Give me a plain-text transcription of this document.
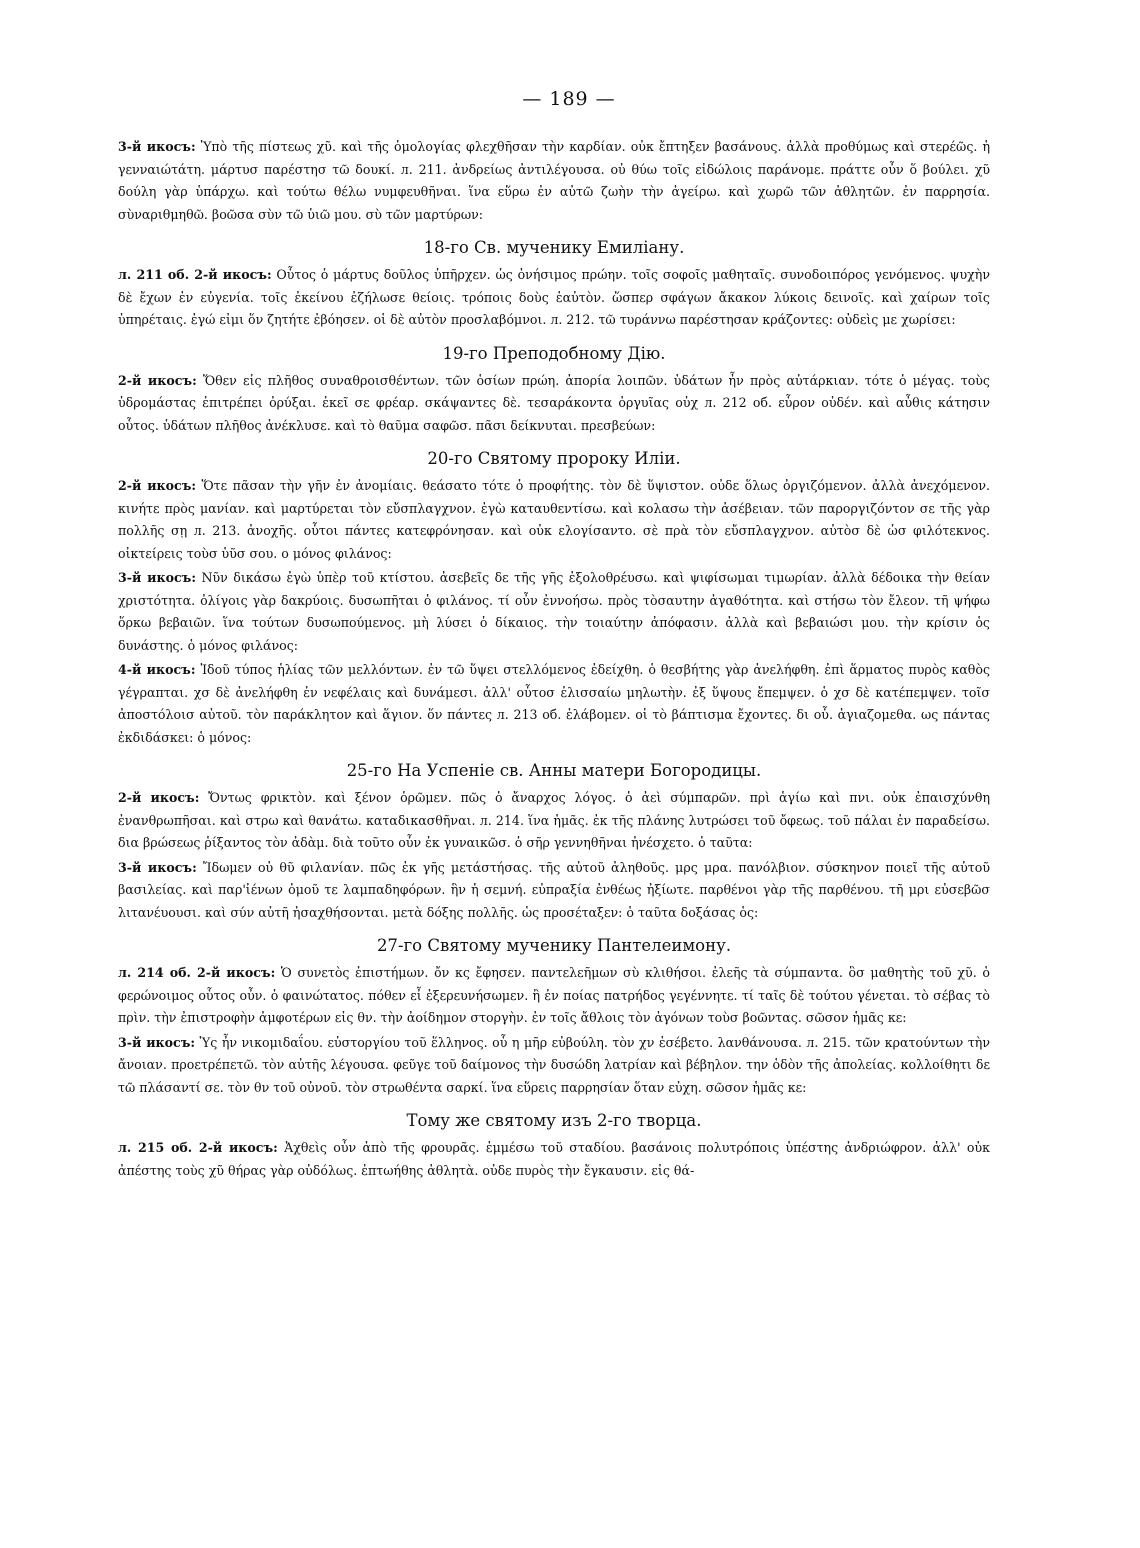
— 189 —

3-й икосъ: Ὑπὸ τῆς πίστεως χῦ. καὶ τῆς ὁμολογίας φλεχθῆσαν τὴν καρδίαν. οὐκ ἔπτηξεν βασάνους. ἀλλὰ προθύμως καὶ στερέῶς. ἡ γενναιώτάτη. μάρτυσ παρέστησ τῶ δουκί. л. 211. ἀνδρείως ἀντιλέγουσα. οὐ θύω τοῖς εἰδώλοις παράνομε. πράττε οὖν ὅ βούλει. χῦ δούλη γὰρ ὑπάρχω. καὶ τούτω θέλω νυμφευθῆναι. ἵνα εὕρω ἐν αὐτῶ ζωὴν τὴν ἀγείρω. καὶ χωρῶ τῶν ἀθλητῶν. ἐν παρρησία. σὺναριθμηθῶ. βοῶσα σὺν τῶ ὑιῶ μου. σὺ τῶν μαρτύρων:

18-го Св. мученику Емиліану.

л. 211 об. 2-й икосъ: Οὗτος ὁ μάρτυς δοῦλος ὑπῆρχεν. ὡς ὀνήσιμος πρώην. τοῖς σοφοῖς μαθηταῖς. συνοδοιπόρος γενόμενος. ψυχὴν δὲ ἔχων ἐν εὐγενία. τοῖς ἐκείνου ἐζήλωσε θείοις. τρόποις δοὺς ἑαὐτὸν. ὥσπερ σφάγων ἄκακον λύκοις δεινοῖς. καὶ χαίρων τοῖς ὑπηρέταις. ἐγώ εἰμι ὅν ζητήτε ἐβόησεν. οἱ δὲ αὐτὸν προσλαβόμνοι. л. 212. τῶ τυράννω παρέστησαν κράζοντες: οὐδεὶς με χωρίσει:

19-го Преподобному Дію.

2-й икосъ: Ὅθεν εἰς πλῆθος συναθροισθέντων. τῶν ὁσίων πρώη. ἀπορία λοιπῶν. ὑδάτων ἦν πρὸς αὐτάρκιαν. τότε ὁ μέγας. τοὺς ὑδρομάστας ἐπιτρέπει ὀρύξαι. ἐκεῖ σε φρέαρ. σκάψαντες δὲ. τεσαράκοντα ὀργυῖας οὐχ л. 212 об. εὗρον οὐδέν. καὶ αὖθις κάτησιν οὗτος. ὑδάτων πλῆθος ἀνέκλυσε. καὶ τὸ θαῦμα σαφῶσ. πᾶσι δείκνυται. πρεσβεύων:

20-го Святому пророку Илiи.

2-й икосъ: Ὅτε πᾶσαν τὴν γῆν ἐν ἀνομίαις. θεάσατο τότε ὁ προφήτης. τὸν δὲ ὕψιστον. οὐδε ὅλως ὀργιζόμενον. ἀλλὰ ἀνεχόμενον. κινήτε πρὸς μανίαν. καὶ μαρτύρεται τὸν εὔσπλαγχνον. ἐγὼ καταυθεντίσω. καὶ κολασω τὴν ἀσέβειαν. τῶν παροργιζόντον σε τῆς γὰρ πολλῆς σῃ л. 213. ἀνοχῆς. οὗτοι πάντες κατεφρόνησαν. καὶ οὐκ ελογίσαντο. σὲ πρὰ τὸν εὔσπλαγχνον. αὐτὸσ δὲ ὡσ φιλότεκνος. οἰκτείρεις τοὺσ ὑῦσ σου. ο μόνος φιλάνος:

3-й икосъ: Νῦν δικάσω ἐγὼ ὑπὲρ τοῦ κτίστου. ἀσεβεῖς δε τῆς γῆς ἐξολοθρέυσω. καὶ ψιφίσωμαι τιμωρίαν. ἀλλὰ δέδοικα τὴν θείαν χριστότητα. ὀλίγοις γὰρ δακρύοις. δυσωπῆται ὁ φιλάνος. τί οὖν ἐννοήσω. πρὸς τὸσαυτην ἀγαθότητα. καὶ στήσω τὸν ἔλεον. τῆ ψήφω ὅρκω βεβαιῶν. ἵνα τούτων δυσωπούμενος. μὴ λύσει ὁ δίκαιος. τὴν τοιαύτην ἀπόφασιν. ἀλλὰ καὶ βεβαιώσι μου. τὴν κρίσιν ὁς δυνάστης. ὁ μόνος φιλάνος:

4-й икосъ: Ἰδοῦ τύπος ἡλίας τῶν μελλόντων. ἐν τῶ ὕψει στελλόμενος ἐδείχθη. ὁ θεσβήτης γὰρ ἀνελήφθη. ἐπὶ ἅρματος πυρὸς καθὸς γέγραπται. χσ δὲ ἀνελήφθη ἐν νεφέλαις καὶ δυνάμεσι. ἀλλ' οὗτοσ ἐλισσαίω μηλωτὴν. ἐξ ὕψους ἔπεμψεν. ὁ χσ δὲ κατέπεμψεν. τοῖσ ἀποστόλοισ αὐτοῦ. τὸν παράκλητον καὶ ἅγιον. ὅν πάντες л. 213 об. ἐλάβομεν. οἱ τὸ βάπτισμα ἔχοντες. δι οὗ. ἀγιαζομεθα. ως πάντας ἐκδιδάσκει: ὁ μόνος:

25-го На Успеніе св. Анны матери Богородицы.

2-й икосъ: Ὄντως φρικτὸν. καὶ ξένον ὁρῶμεν. πῶς ὁ ἄναρχος λόγος. ὁ ἀεὶ σύμπαρῶν. πρὶ ἁγίω καὶ πνι. οὐκ ἐπαισχύνθη ἐνανθρωπῆσαι. καὶ στρω καὶ θανάτω. καταδικασθῆναι. л. 214. ἵνα ἡμᾶς. ἐκ τῆς πλάνης λυτρώσει τοῦ ὄφεως. τοῦ πάλαι ἐν παραδείσω. δια βρώσεως ῥίξαντος τὸν ἀδὰμ. διὰ τοῦτο οὖν ἐκ γυναικῶσ. ὁ σῆρ γεννηθῆναι ἠνέσχετο. ὁ ταῦτα:

3-й икосъ: Ἴδωμεν οὐ θῦ φιλανίαν. πῶς ἐκ γῆς μετάστήσας. τῆς αὐτοῦ ἀληθοῦς. μρς μρα. πανόλβιον. σύσκηνον ποιεῖ τῆς αὐτοῦ βασιλείας. καὶ παρ'ἰένων ὁμοῦ τε λαμπαδηφόρων. ἣν ἡ σεμνή. εὐπραξία ἐνθέως ἠξίωτε. παρθένοι γὰρ τῆς παρθένου. τῆ μρι εὐσεβῶσ λιτανέυουσι. καὶ σύν αὐτῆ ἠσαχθήσονται. μετὰ δόξης πολλῆς. ὡς προσέταξεν: ὁ ταῦτα δοξάσας ὁς:

27-го Святому мученику Пантелеимону.

л. 214 об. 2-й икосъ: Ὁ συνετὸς ἐπιστήμων. ὄν κς ἔφησεν. παντελεῆμων σὺ κλιθήσοι. ἐλεῆς τὰ σύμπαντα. ὃσ μαθητὴς τοῦ χῦ. ὁ φερώνοιμος οὗτος οὖν. ὁ φαινώτατος. πόθεν εἶ ἐξερευνήσωμεν. ἢ ἐν ποίας πατρήδος γεγέννητε. τί ταῖς δὲ τούτου γένεται. τὸ σέβας τὸ πρὶν. τὴν ἐπιστροφὴν ἀμφοτέρων εἰς θν. τὴν ἀοίδημον στοργὴν. ἐν τοῖς ἄθλοις τὸν ἀγόνων τοὺσ βοῶντας. σῶσον ἡμᾶς κε:

3-й икосъ: Ὑς ἦν νικομιδαΐου. εὐστοργίου τοῦ ἕλληνος. οὗ η μῆρ εὐβούλη. τὸν χν ἐσέβετο. λανθάνουσα. л. 215. τῶν κρατούντων τὴν ἄνοιαν. προετρέπετῶ. τὸν αὐτῆς λέγουσα. φεῦγε τοῦ δαίμονος τὴν δυσώδη λατρίαν καὶ βέβηλον. την ὁδὸν τῆς ἀπολείας. κολλοίθητι δε τῶ πλάσαντί σε. τὸν θν τοῦ οὐνοῦ. τὸν στρωθέντα σαρκί. ἵνα εὕρεις παρρησίαν ὅταν εὐχη. σῶσον ἡμᾶς κε:

Тому же святому изъ 2-го творца.

л. 215 об. 2-й икосъ: Ἀχθεὶς οὖν ἀπὸ τῆς φρουρᾶς. ἐμμέσω τοῦ σταδίου. βασάνοις πολυτρόποις ὑπέστης ἀνδριώφρον. ἀλλ' οὐκ ἀπέστης τοὺς χῦ θήρας γὰρ οὐδόλως. ἐπτωήθης ἀθλητὰ. οὐδε πυρὸς τὴν ἔγκαυσιν. εἰς θά-
